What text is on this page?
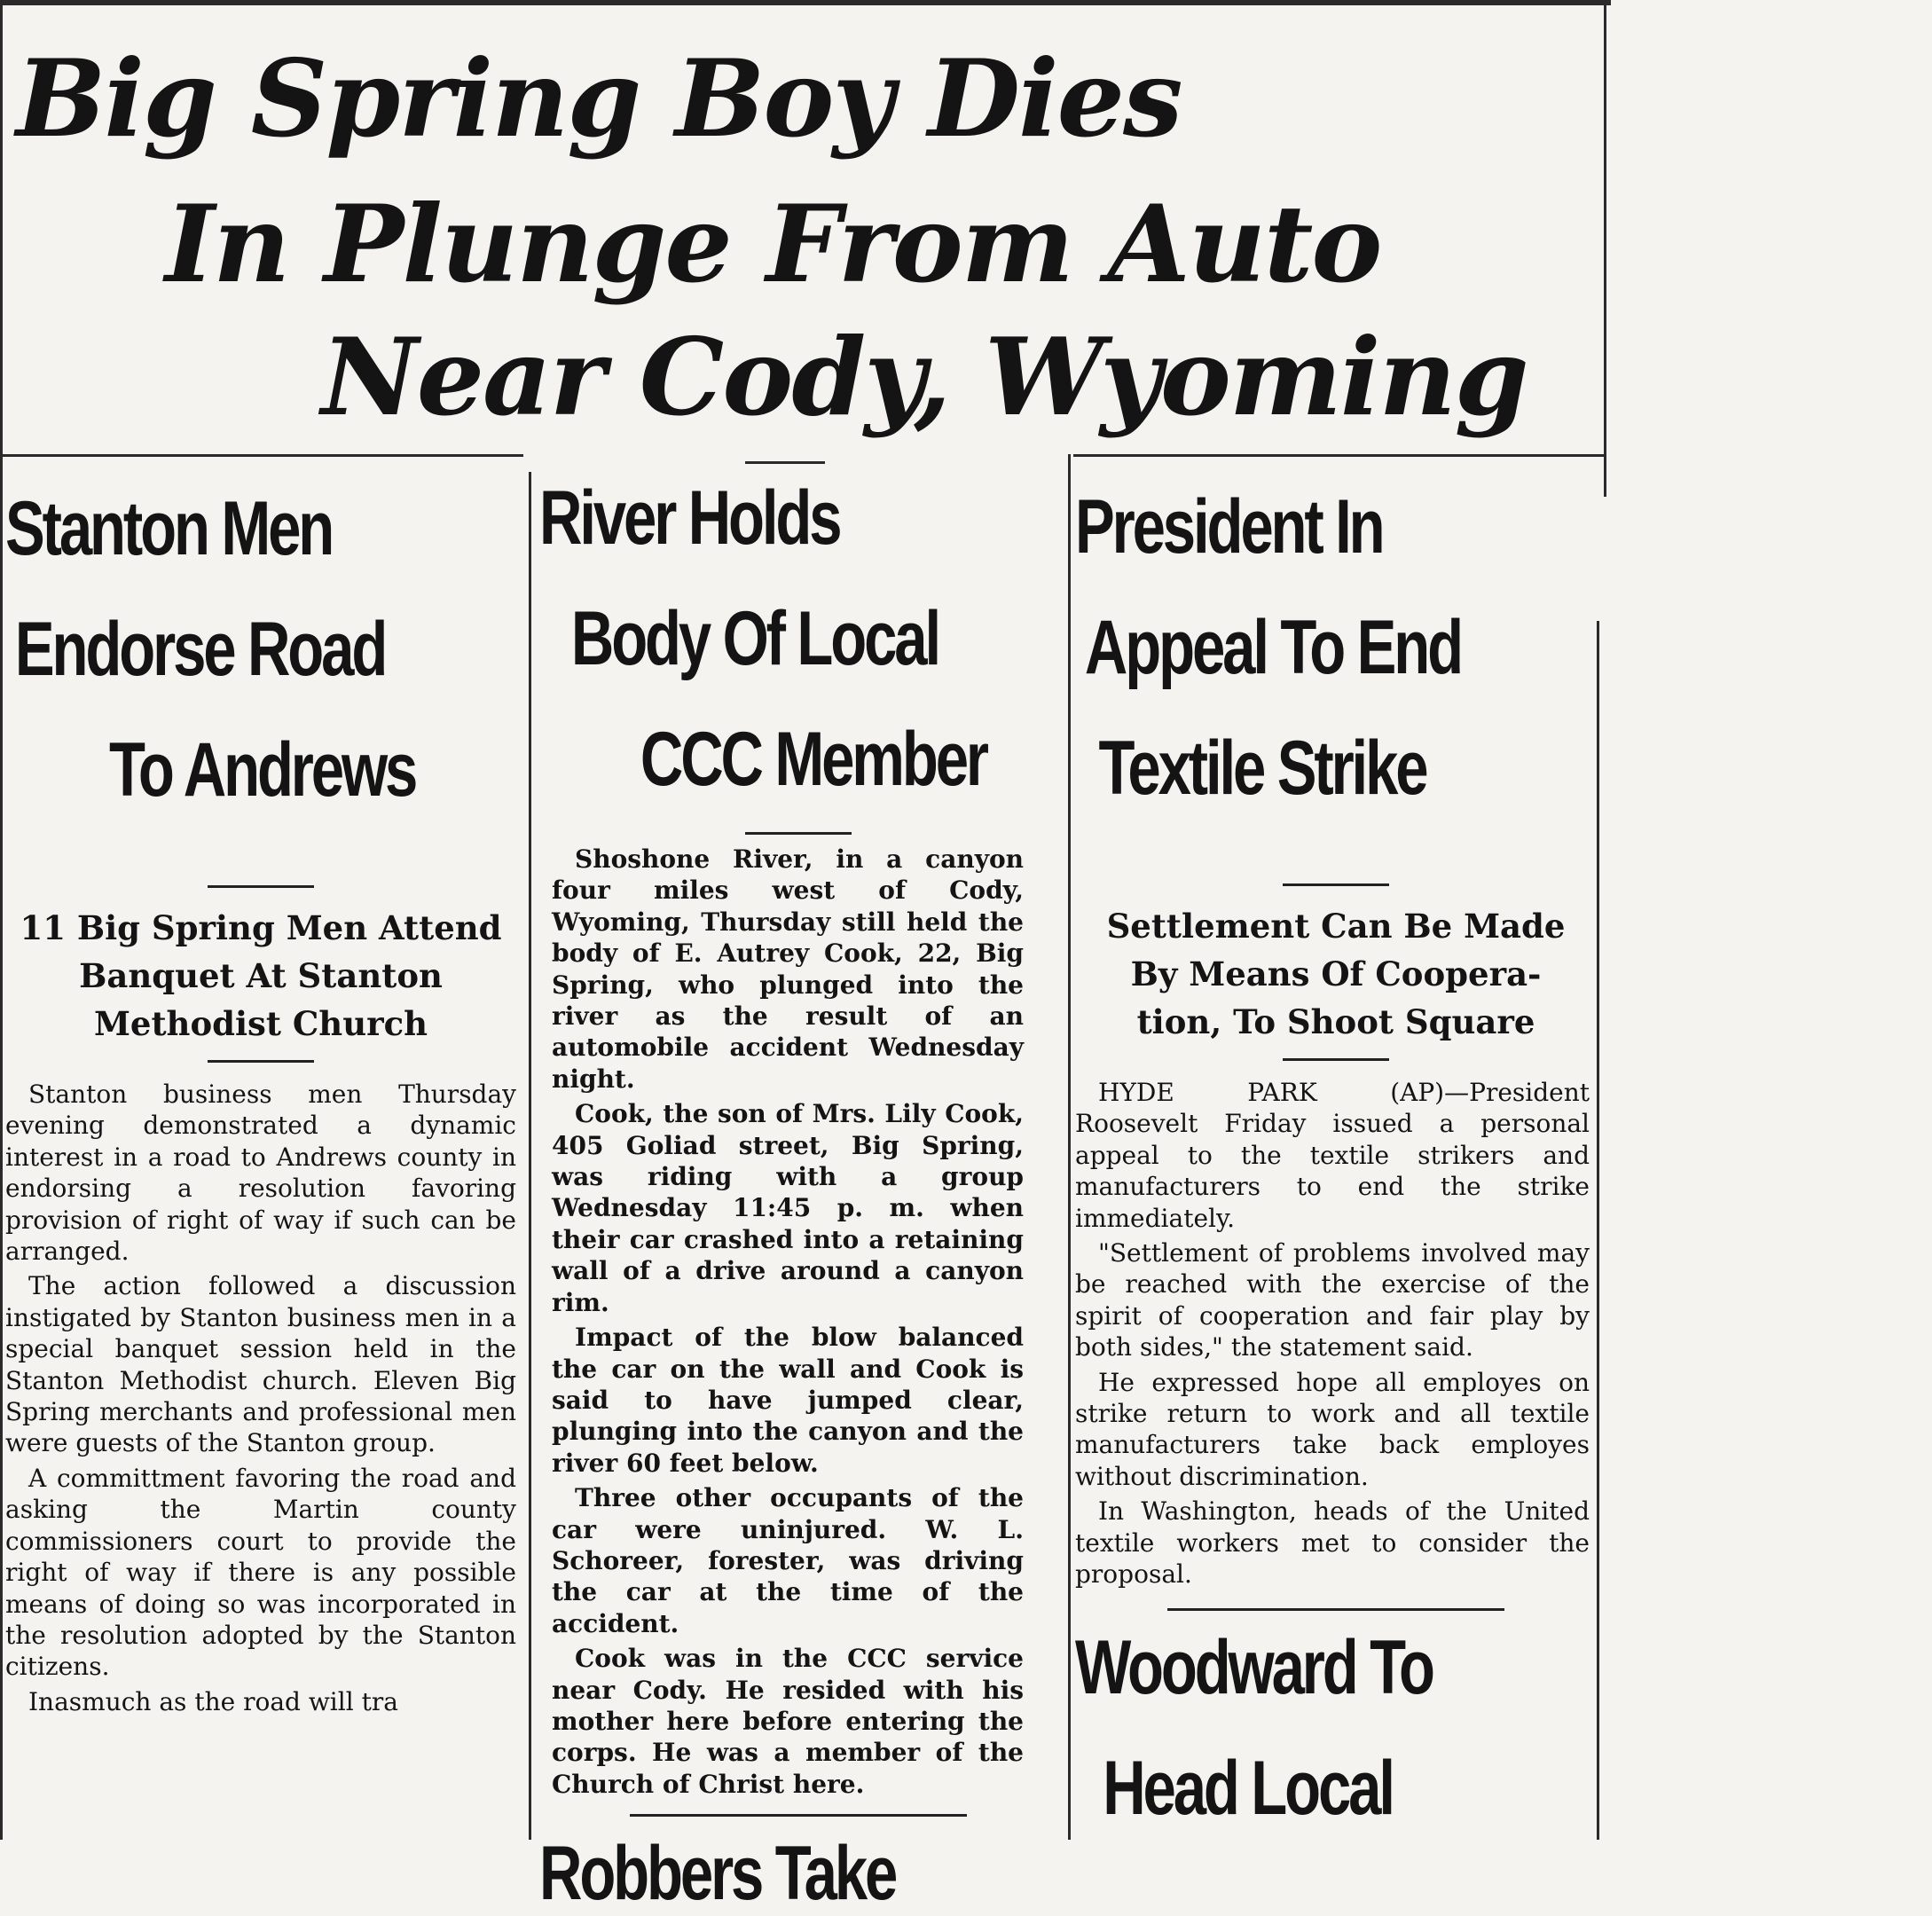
Big Spring Boy Dies
In Plunge From Auto
Near Cody, Wyoming
Stanton Men
Endorse Road
To Andrews
11 Big Spring Men Attend
Banquet At Stanton
Methodist Church

Stanton business men Thursday evening demonstrated a dynamic interest in a road to Andrews county in endorsing a resolution favoring provision of right of way if such can be arranged.

The action followed a discussion instigated by Stanton business men in a special banquet session held in the Stanton Methodist church. Eleven Big Spring merchants and professional men were guests of the Stanton group.

A committment favoring the road and asking the Martin county commissioners court to provide the right of way if there is any possible means of doing so was incorporated in the resolution adopted by the Stanton citizens.

Inasmuch as the road will tra

River Holds
Body Of Local
CCC Member

Shoshone River, in a canyon four miles west of Cody, Wyoming, Thursday still held the body of E. Autrey Cook, 22, Big Spring, who plunged into the river as the result of an automobile accident Wednesday night.

Cook, the son of Mrs. Lily Cook, 405 Goliad street, Big Spring, was riding with a group Wednesday 11:45 p. m. when their car crashed into a retaining wall of a drive around a canyon rim.

Impact of the blow balanced the car on the wall and Cook is said to have jumped clear, plunging into the canyon and the river 60 feet below.

Three other occupants of the car were uninjured. W. L. Schoreer, forester, was driving the car at the time of the accident.

Cook was in the CCC service near Cody. He resided with his mother here before entering the corps. He was a member of the Church of Christ here.

Robbers Take
President In
Appeal To End
Textile Strike
Settlement Can Be Made
By Means Of Coopera-
tion, To Shoot Square

HYDE PARK (AP)—President Roosevelt Friday issued a personal appeal to the textile strikers and manufacturers to end the strike immediately.

"Settlement of problems involved may be reached with the exercise of the spirit of cooperation and fair play by both sides," the statement said.

He expressed hope all employes on strike return to work and all textile manufacturers take back employes without discrimination.

In Washington, heads of the United textile workers met to consider the proposal.

Woodward To
Head Local
